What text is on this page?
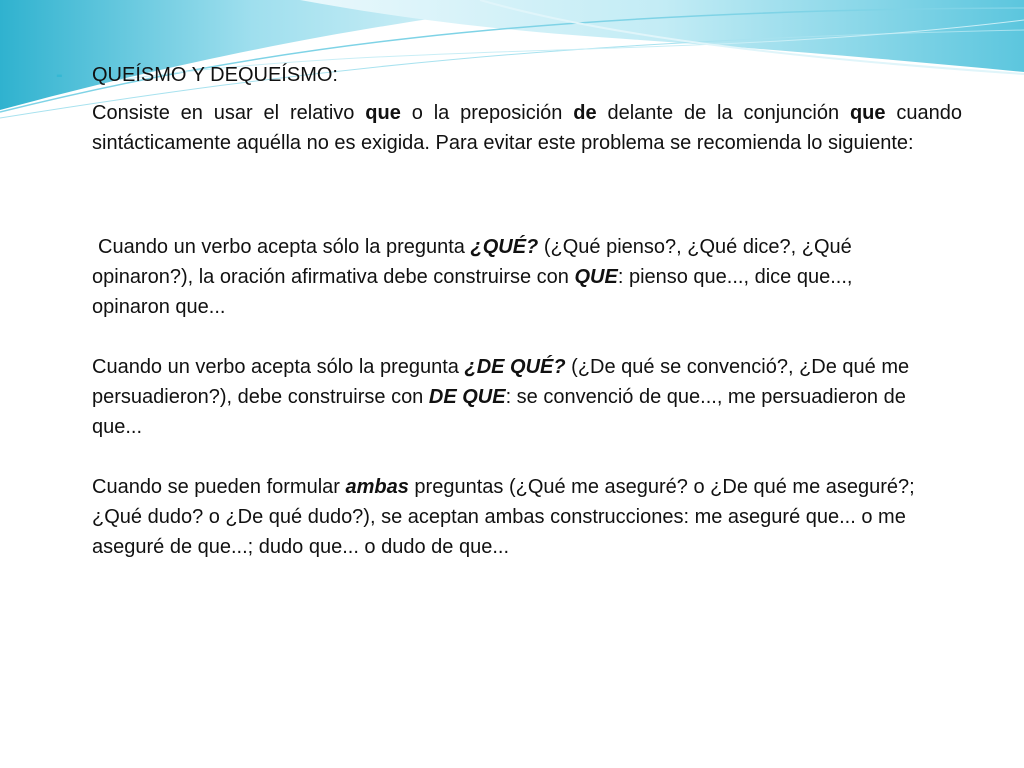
- QUEÍSMO Y DEQUEÍSMO:

Consiste en usar el relativo que o la preposición de delante de la conjunción que cuando sintácticamente aquélla no es exigida. Para evitar este problema se recomienda lo siguiente:

Cuando un verbo acepta sólo la pregunta ¿QUÉ? (¿Qué pienso?, ¿Qué dice?, ¿Qué opinaron?), la oración afirmativa debe construirse con QUE: pienso que..., dice que..., opinaron que...

Cuando un verbo acepta sólo la pregunta ¿DE QUÉ? (¿De qué se convenció?, ¿De qué me persuadieron?), debe construirse con DE QUE: se convenció de que..., me persuadieron de que...

Cuando se pueden formular ambas preguntas (¿Qué me aseguré? o ¿De qué me aseguré?; ¿Qué dudo? o ¿De qué dudo?), se aceptan ambas construcciones: me aseguré que... o me aseguré de que...; dudo que... o dudo de que...
